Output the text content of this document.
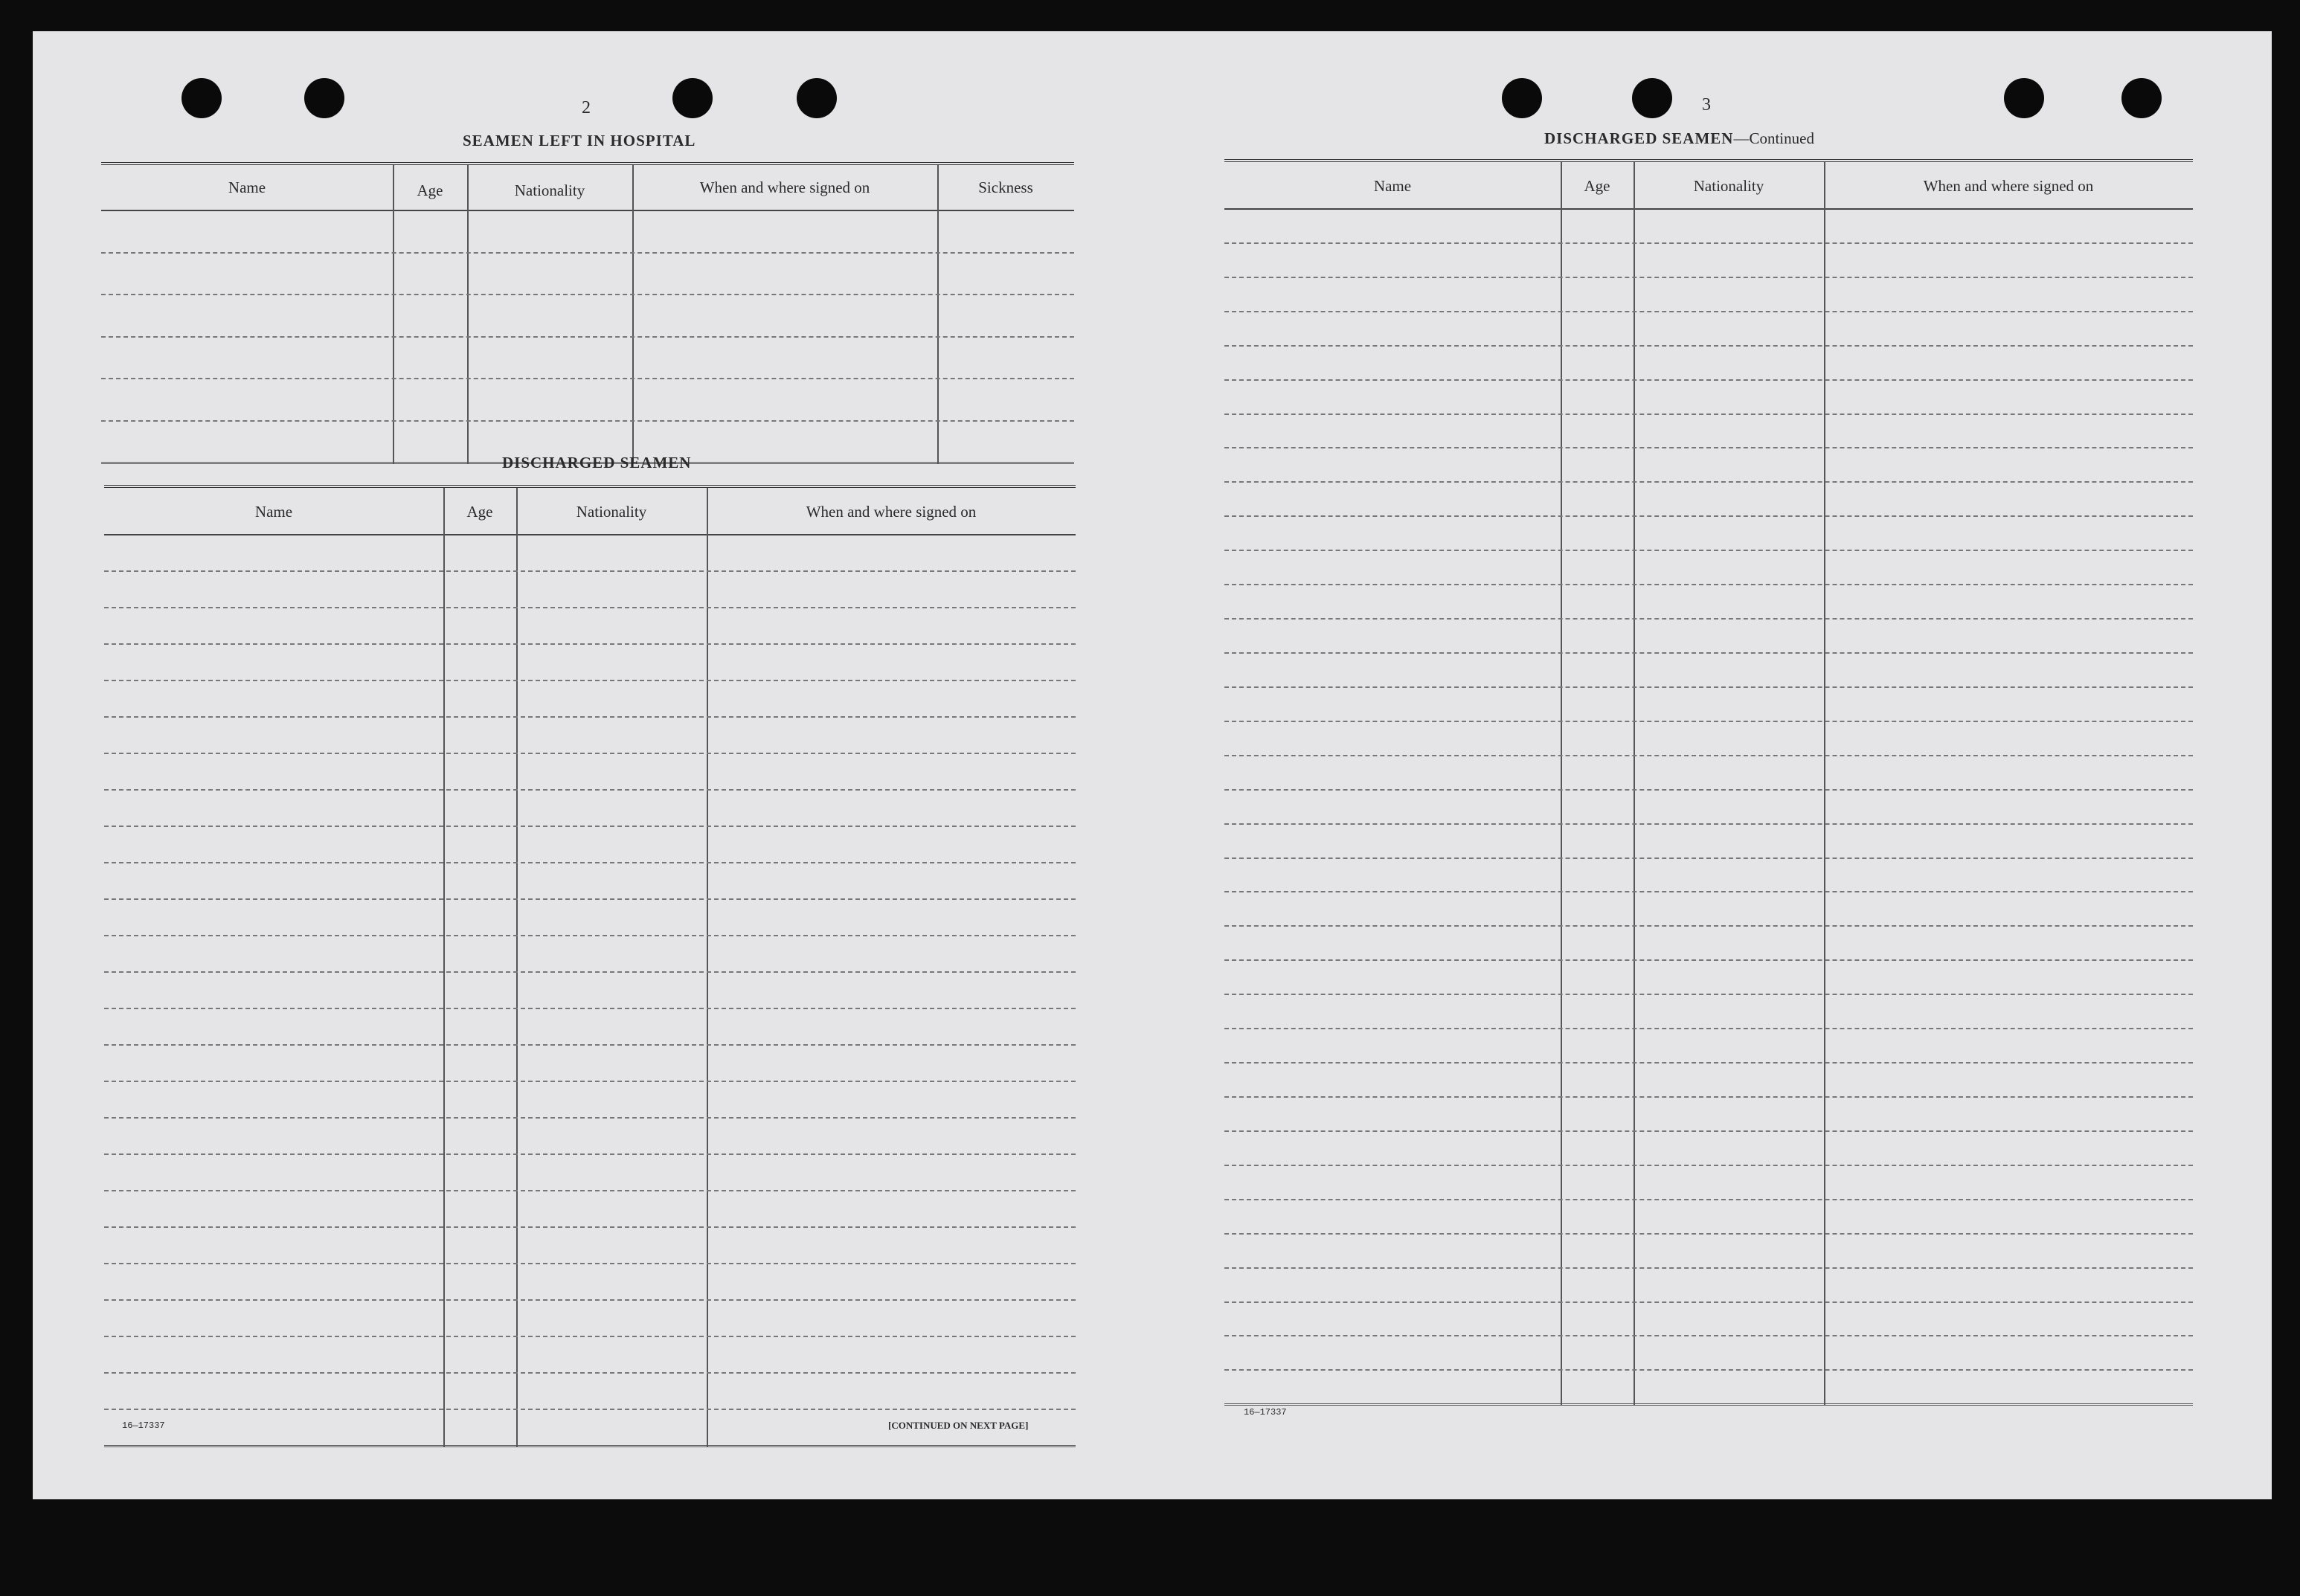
2
SEAMEN LEFT IN HOSPITAL
Name	Age	Nationality	When and where signed on	Sickness
DISCHARGED SEAMEN
Name	Age	Nationality	When and where signed on
16—17337	[CONTINUED ON NEXT PAGE]
3
DISCHARGED SEAMEN—Continued
Name	Age	Nationality	When and where signed on
16—17337
